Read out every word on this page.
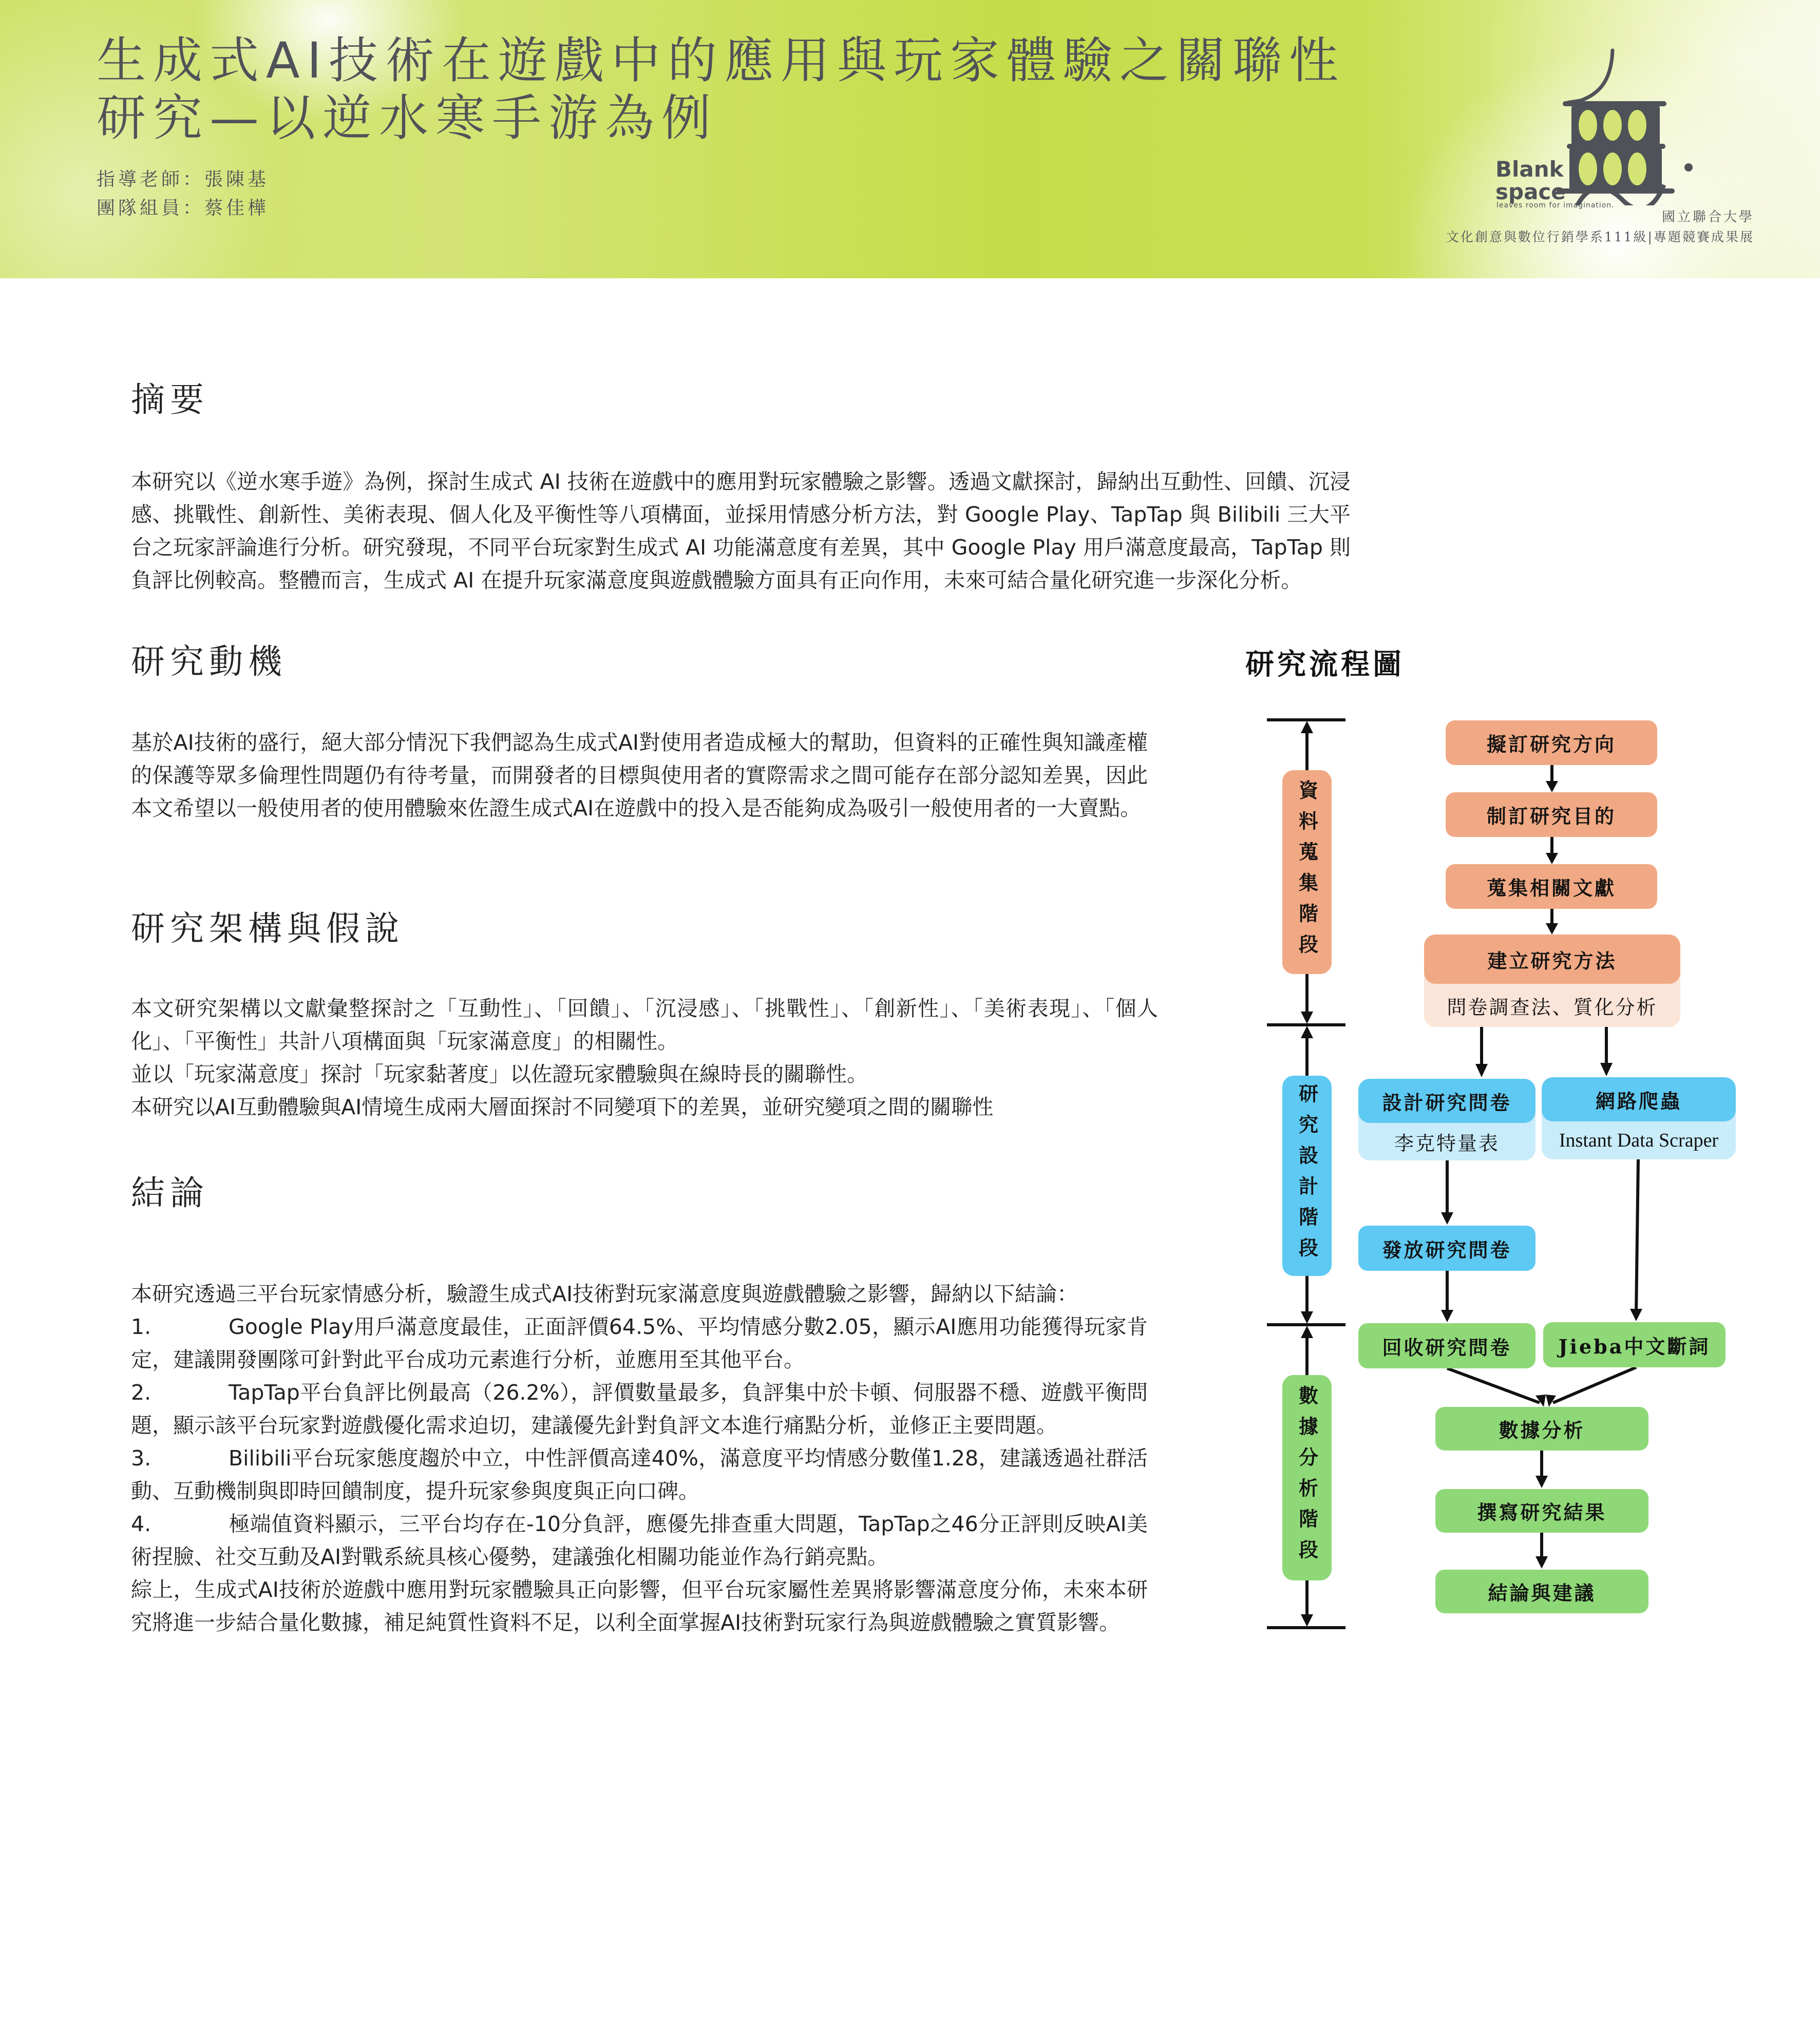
生成式AI技術在遊戲中的應用與玩家體驗之關聯性
研究—以逆水寒手游為例
指導老師：張陳基
團隊組員：蔡佳樺
Blank
space
leaves room for imagination.
國立聯合大學
文化創意與數位行銷學系111級|專題競賽成果展
摘要

本研究以《逆水寒手遊》為例，探討生成式 AI 技術在遊戲中的應用對玩家體驗之影響。透過文獻探討，歸納出互動性、回饋、沉浸感、挑戰性、創新性、美術表現、個人化及平衡性等八項構面，並採用情感分析方法，對 Google Play、TapTap 與 Bilibili 三大平台之玩家評論進行分析。研究發現，不同平台玩家對生成式 AI 功能滿意度有差異，其中 Google Play 用戶滿意度最高，TapTap 則負評比例較高。整體而言，生成式 AI 在提升玩家滿意度與遊戲體驗方面具有正向作用，未來可結合量化研究進一步深化分析。

研究動機

基於AI技術的盛行，絕大部分情況下我們認為生成式AI對使用者造成極大的幫助，但資料的正確性與知識產權的保護等眾多倫理性問題仍有待考量，而開發者的目標與使用者的實際需求之間可能存在部分認知差異，因此本文希望以一般使用者的使用體驗來佐證生成式AI在遊戲中的投入是否能夠成為吸引一般使用者的一大賣點。

研究架構與假說

本文研究架構以文獻彙整探討之「互動性」、「回饋」、「沉浸感」、「挑戰性」、「創新性」、「美術表現」、「個人化」、「平衡性」共計八項構面與「玩家滿意度」的相關性。

並以「玩家滿意度」探討「玩家黏著度」以佐證玩家體驗與在線時長的關聯性。

本研究以AI互動體驗與AI情境生成兩大層面探討不同變項下的差異，並研究變項之間的關聯性

結論

本研究透過三平台玩家情感分析，驗證生成式AI技術對玩家滿意度與遊戲體驗之影響，歸納以下結論：

1.	Google Play用戶滿意度最佳，正面評價64.5%、平均情感分數2.05，顯示AI應用功能獲得玩家肯定，建議開發團隊可針對此平台成功元素進行分析，並應用至其他平台。

2.	TapTap平台負評比例最高（26.2%），評價數量最多，負評集中於卡頓、伺服器不穩、遊戲平衡問題，顯示該平台玩家對遊戲優化需求迫切，建議優先針對負評文本進行痛點分析，並修正主要問題。

3.	Bilibili平台玩家態度趨於中立，中性評價高達40%，滿意度平均情感分數僅1.28，建議透過社群活動、互動機制與即時回饋制度，提升玩家參與度與正向口碑。

4.	極端值資料顯示，三平台均存在-10分負評，應優先排查重大問題，TapTap之46分正評則反映AI美術捏臉、社交互動及AI對戰系統具核心優勢，建議強化相關功能並作為行銷亮點。

綜上，生成式AI技術於遊戲中應用對玩家體驗具正向影響，但平台玩家屬性差異將影響滿意度分佈，未來本研究將進一步結合量化數據，補足純質性資料不足，以利全面掌握AI技術對玩家行為與遊戲體驗之實質影響。

研究流程圖
資料蒐集階段
研究設計階段
數據分析階段
擬訂研究方向
制訂研究目的
蒐集相關文獻
建立研究方法
問卷調查法、質化分析
設計研究問卷
李克特量表
網路爬蟲
Instant Data Scraper
發放研究問卷
回收研究問卷	Jieba中文斷詞
數據分析
撰寫研究結果
結論與建議
